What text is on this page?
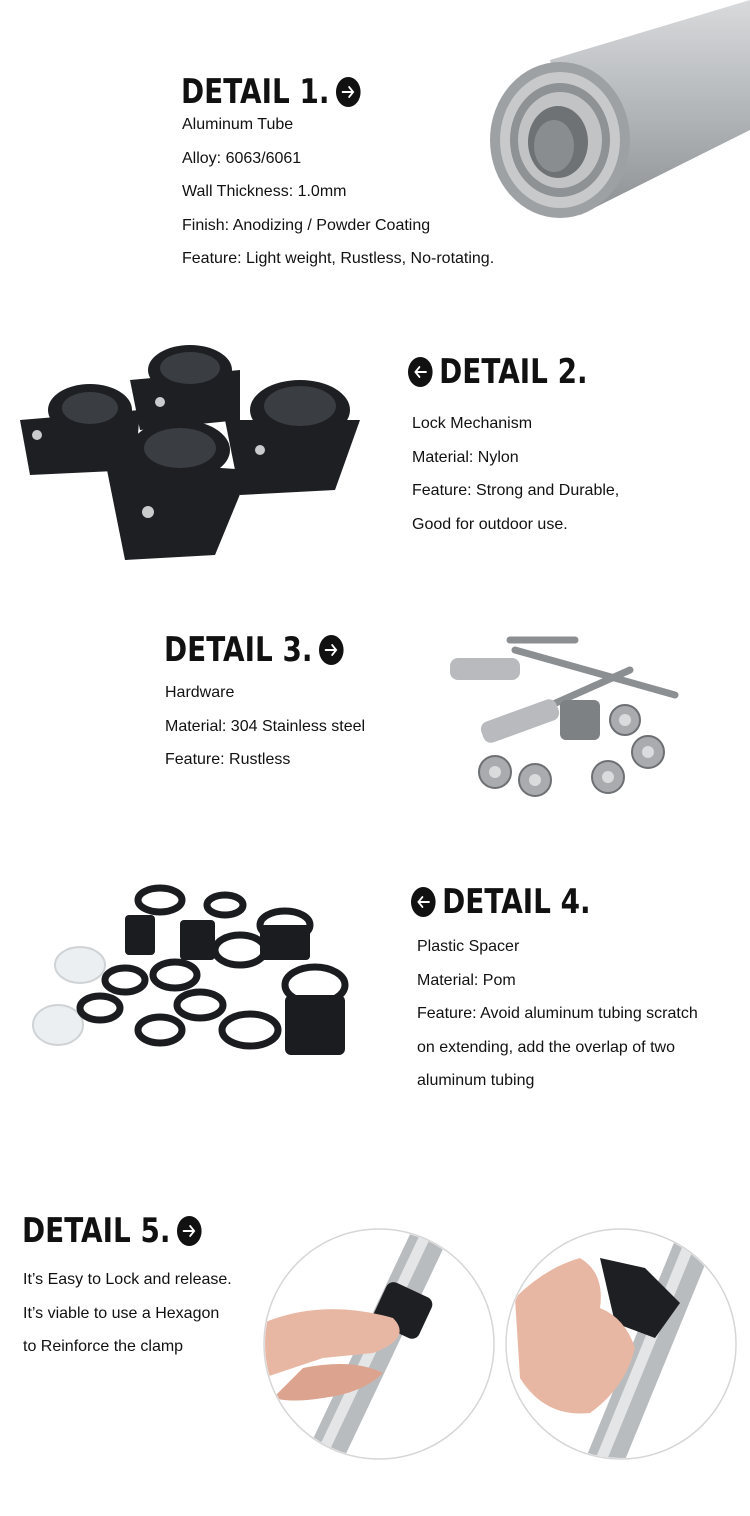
DETAIL 1.
Aluminum Tube
Alloy: 6063/6061
Wall Thickness: 1.0mm
Finish: Anodizing / Powder Coating
Feature: Light weight, Rustless, No-rotating.
DETAIL 2.
Lock Mechanism
Material: Nylon
Feature: Strong and Durable,
Good for outdoor use.
DETAIL 3.
Hardware
Material: 304 Stainless steel
Feature: Rustless
DETAIL 4.
Plastic Spacer
Material: Pom
Feature: Avoid aluminum tubing scratch
on extending, add the overlap of two
aluminum tubing
DETAIL 5.
It’s Easy to Lock and release.
It’s viable to use a Hexagon
to Reinforce the clamp
